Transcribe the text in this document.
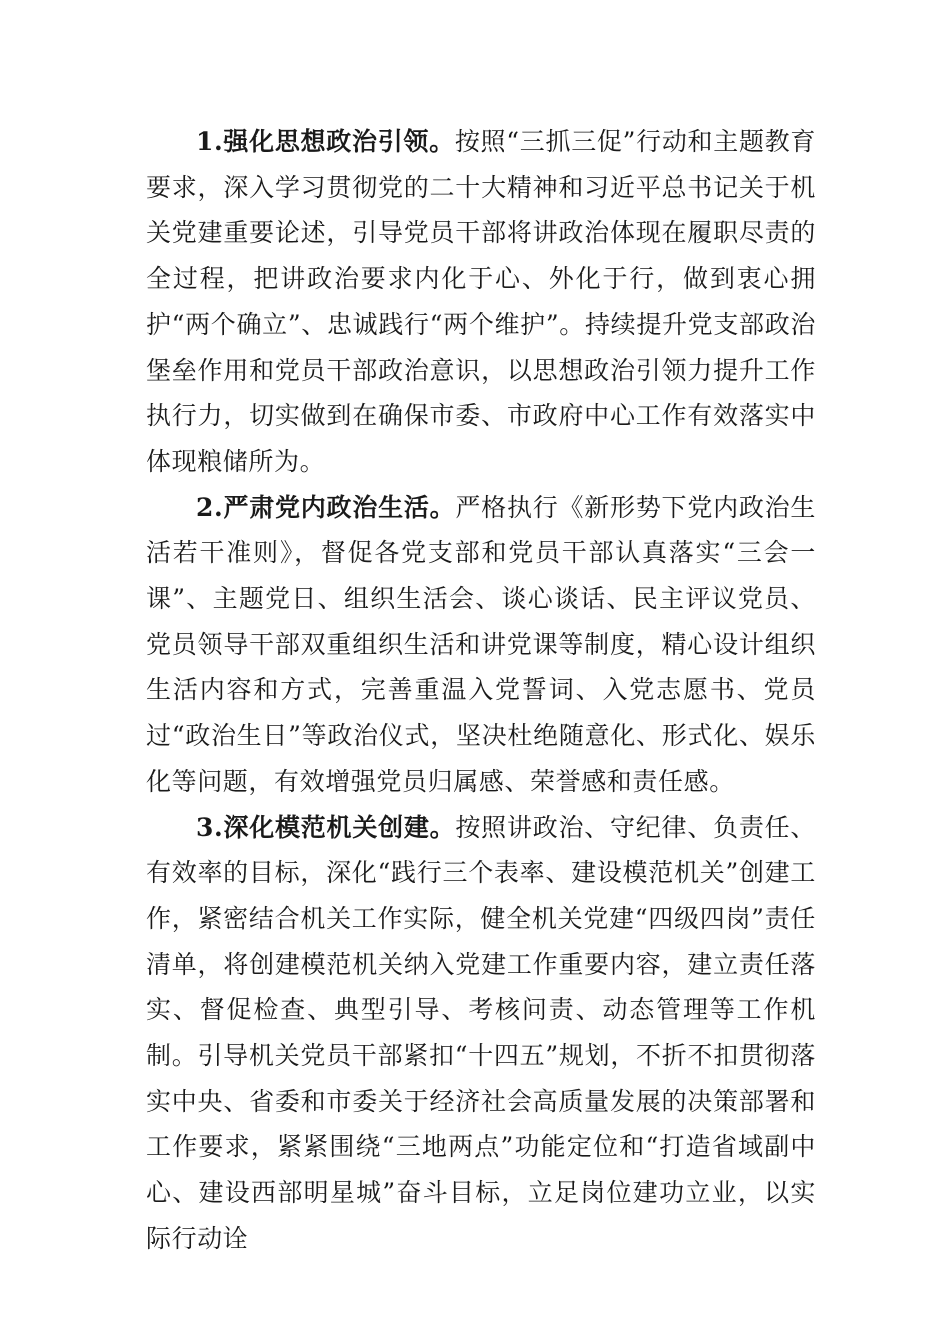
1.强化思想政治引领。按照“三抓三促”行动和主题教育要求，深入学习贯彻党的二十大精神和习近平总书记关于机关党建重要论述，引导党员干部将讲政治体现在履职尽责的全过程，把讲政治要求内化于心、外化于行，做到衷心拥护“两个确立”、忠诚践行“两个维护”。持续提升党支部政治堡垒作用和党员干部政治意识，以思想政治引领力提升工作执行力，切实做到在确保市委、市政府中心工作有效落实中体现粮储所为。

2.严肃党内政治生活。严格执行《新形势下党内政治生活若干准则》，督促各党支部和党员干部认真落实“三会一课”、主题党日、组织生活会、谈心谈话、民主评议党员、党员领导干部双重组织生活和讲党课等制度，精心设计组织生活内容和方式，完善重温入党誓词、入党志愿书、党员过“政治生日”等政治仪式，坚决杜绝随意化、形式化、娱乐化等问题，有效增强党员归属感、荣誉感和责任感。

3.深化模范机关创建。按照讲政治、守纪律、负责任、有效率的目标，深化“践行三个表率、建设模范机关”创建工作，紧密结合机关工作实际，健全机关党建“四级四岗”责任清单，将创建模范机关纳入党建工作重要内容，建立责任落实、督促检查、典型引导、考核问责、动态管理等工作机制。引导机关党员干部紧扣“十四五”规划，不折不扣贯彻落实中央、省委和市委关于经济社会高质量发展的决策部署和工作要求，紧紧围绕“三地两点”功能定位和“打造省域副中心、建设西部明星城”奋斗目标，立足岗位建功立业，以实际行动诠
